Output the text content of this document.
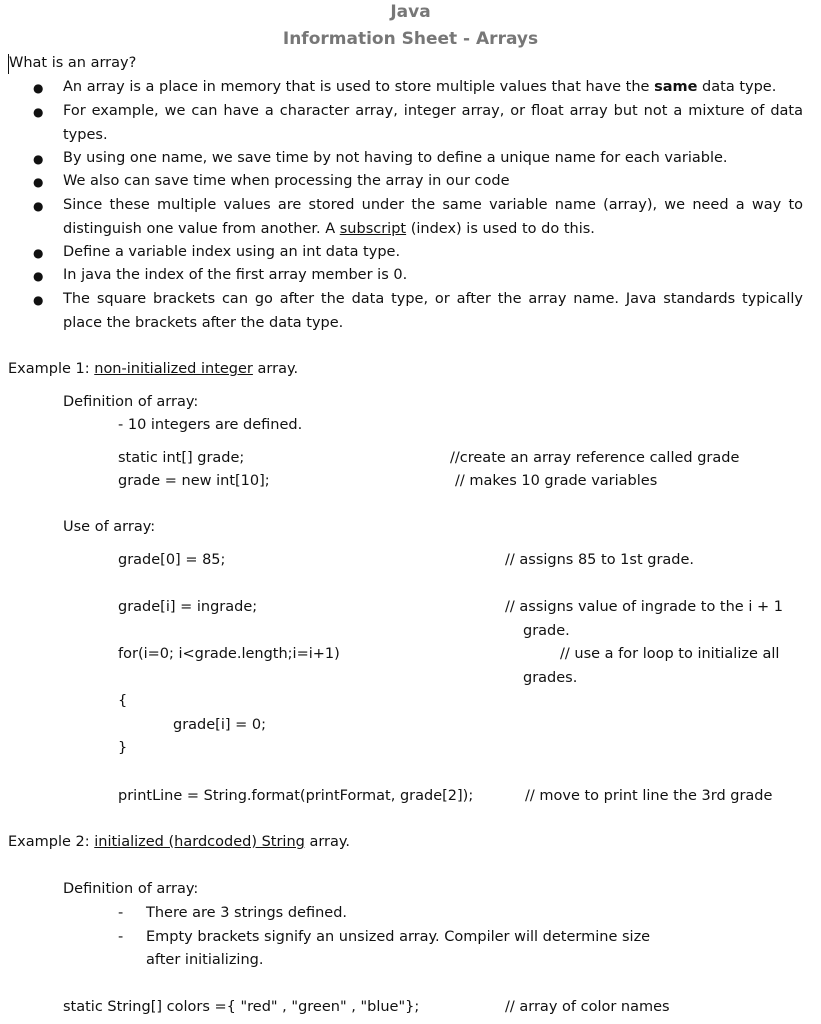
Java
Information Sheet - Arrays
What is an array?
● An array is a place in memory that is used to store multiple values that have the same data type.
● For example, we can have a character array, integer array, or float array but not a mixture of data types.
● By using one name, we save time by not having to define a unique name for each variable.
● We also can save time when processing the array in our code
● Since these multiple values are stored under the same variable name (array), we need a way to distinguish one value from another. A subscript (index) is used to do this.
● Define a variable index using an int data type.
● In java the index of the first array member is 0.
● The square brackets can go after the data type, or after the array name. Java standards typically place the brackets after the data type.
Example 1: non-initialized integer array.
Definition of array:
- 10 integers are defined.
static int[] grade;	//create an array reference called grade
grade = new int[10];	// makes 10 grade variables
Use of array:
grade[0] = 85;	// assigns 85 to 1st grade.
grade[i] = ingrade;	// assigns value of ingrade to the i + 1
grade.
for(i=0; i<grade.length;i=i+1)	// use a for loop to initialize all
grades.
{
grade[i] = 0;
}
printLine = String.format(printFormat, grade[2]);	// move to print line the 3rd grade
Example 2: initialized (hardcoded) String array.
Definition of array:
- There are 3 strings defined.
- Empty brackets signify an unsized array. Compiler will determine size
after initializing.
static String[] colors ={ "red" , "green" , "blue"};	// array of color names
